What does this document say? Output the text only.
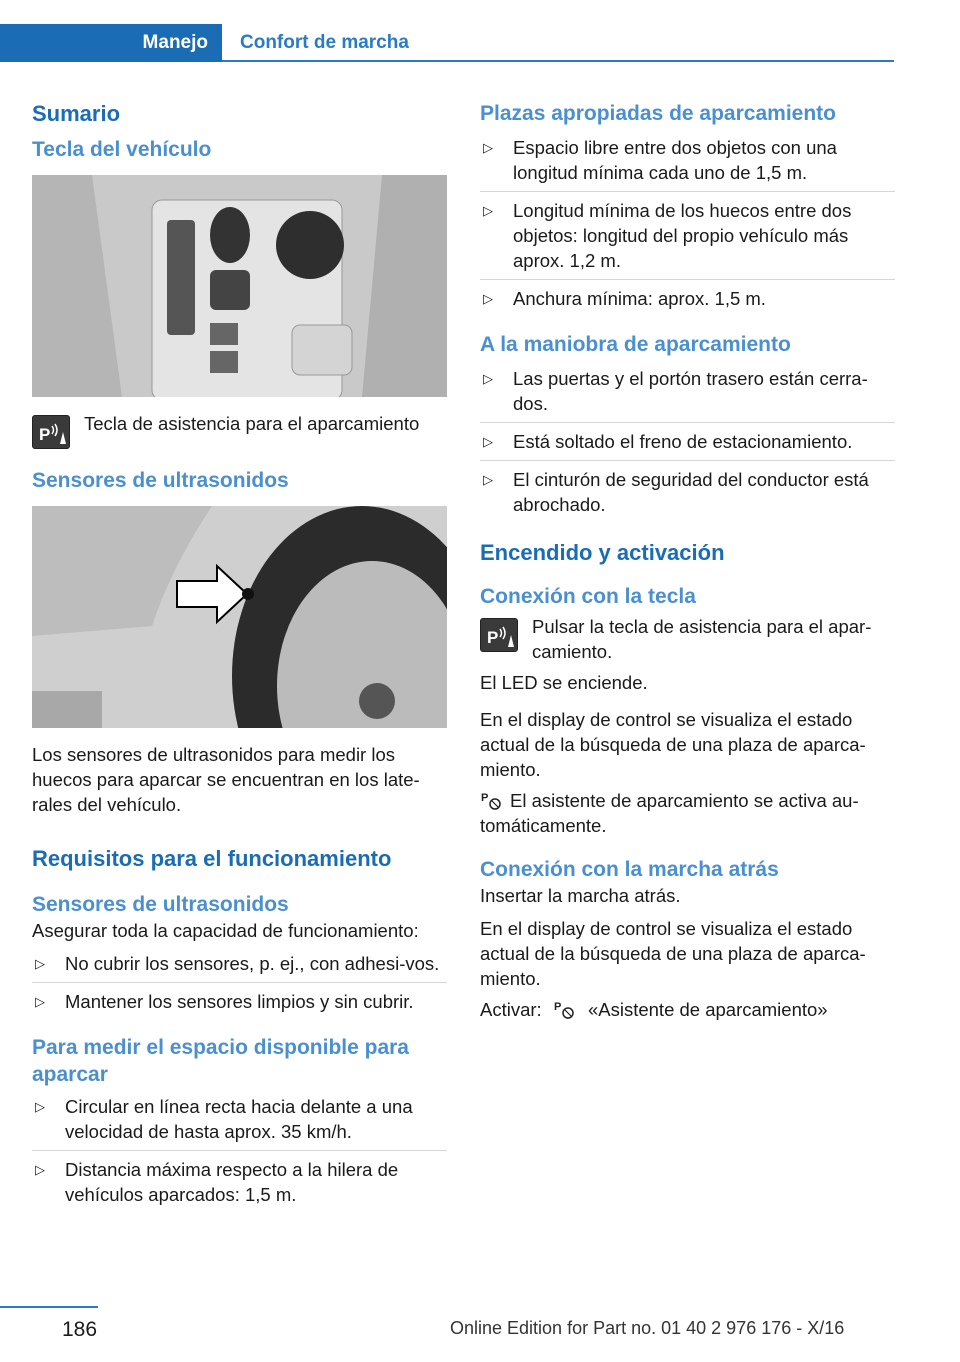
Manejo	Confort de marcha
Sumario
Tecla del vehículo
P
Tecla de asistencia para el aparcamiento
Sensores de ultrasonidos
Los sensores de ultrasonidos para medir los huecos para aparcar se encuentran en los late-rales del vehículo.
Requisitos para el funcionamiento
Sensores de ultrasonidos
Asegurar toda la capacidad de funcionamiento:
▷ No cubrir los sensores, p. ej., con adhesi-vos.
▷ Mantener los sensores limpios y sin cubrir.
Para medir el espacio disponible para aparcar
▷ Circular en línea recta hacia delante a una velocidad de hasta aprox. 35 km/h.
▷ Distancia máxima respecto a la hilera de vehículos aparcados: 1,5 m.
Plazas apropiadas de aparcamiento
▷ Espacio libre entre dos objetos con una longitud mínima cada uno de 1,5 m.
▷ Longitud mínima de los huecos entre dos objetos: longitud del propio vehículo más aprox. 1,2 m.
▷ Anchura mínima: aprox. 1,5 m.
A la maniobra de aparcamiento
▷ Las puertas y el portón trasero están cerra-dos.
▷ Está soltado el freno de estacionamiento.
▷ El cinturón de seguridad del conductor está abrochado.
Encendido y activación
Conexión con la tecla
P
Pulsar la tecla de asistencia para el apar-camiento.
El LED se enciende.
En el display de control se visualiza el estado actual de la búsqueda de una plaza de aparca-miento.
P El asistente de aparcamiento se activa au-tomáticamente.
Conexión con la marcha atrás
Insertar la marcha atrás.
En el display de control se visualiza el estado actual de la búsqueda de una plaza de aparca-miento.
Activar: P «Asistente de aparcamiento»
186	Online Edition for Part no. 01 40 2 976 176 - X/16
